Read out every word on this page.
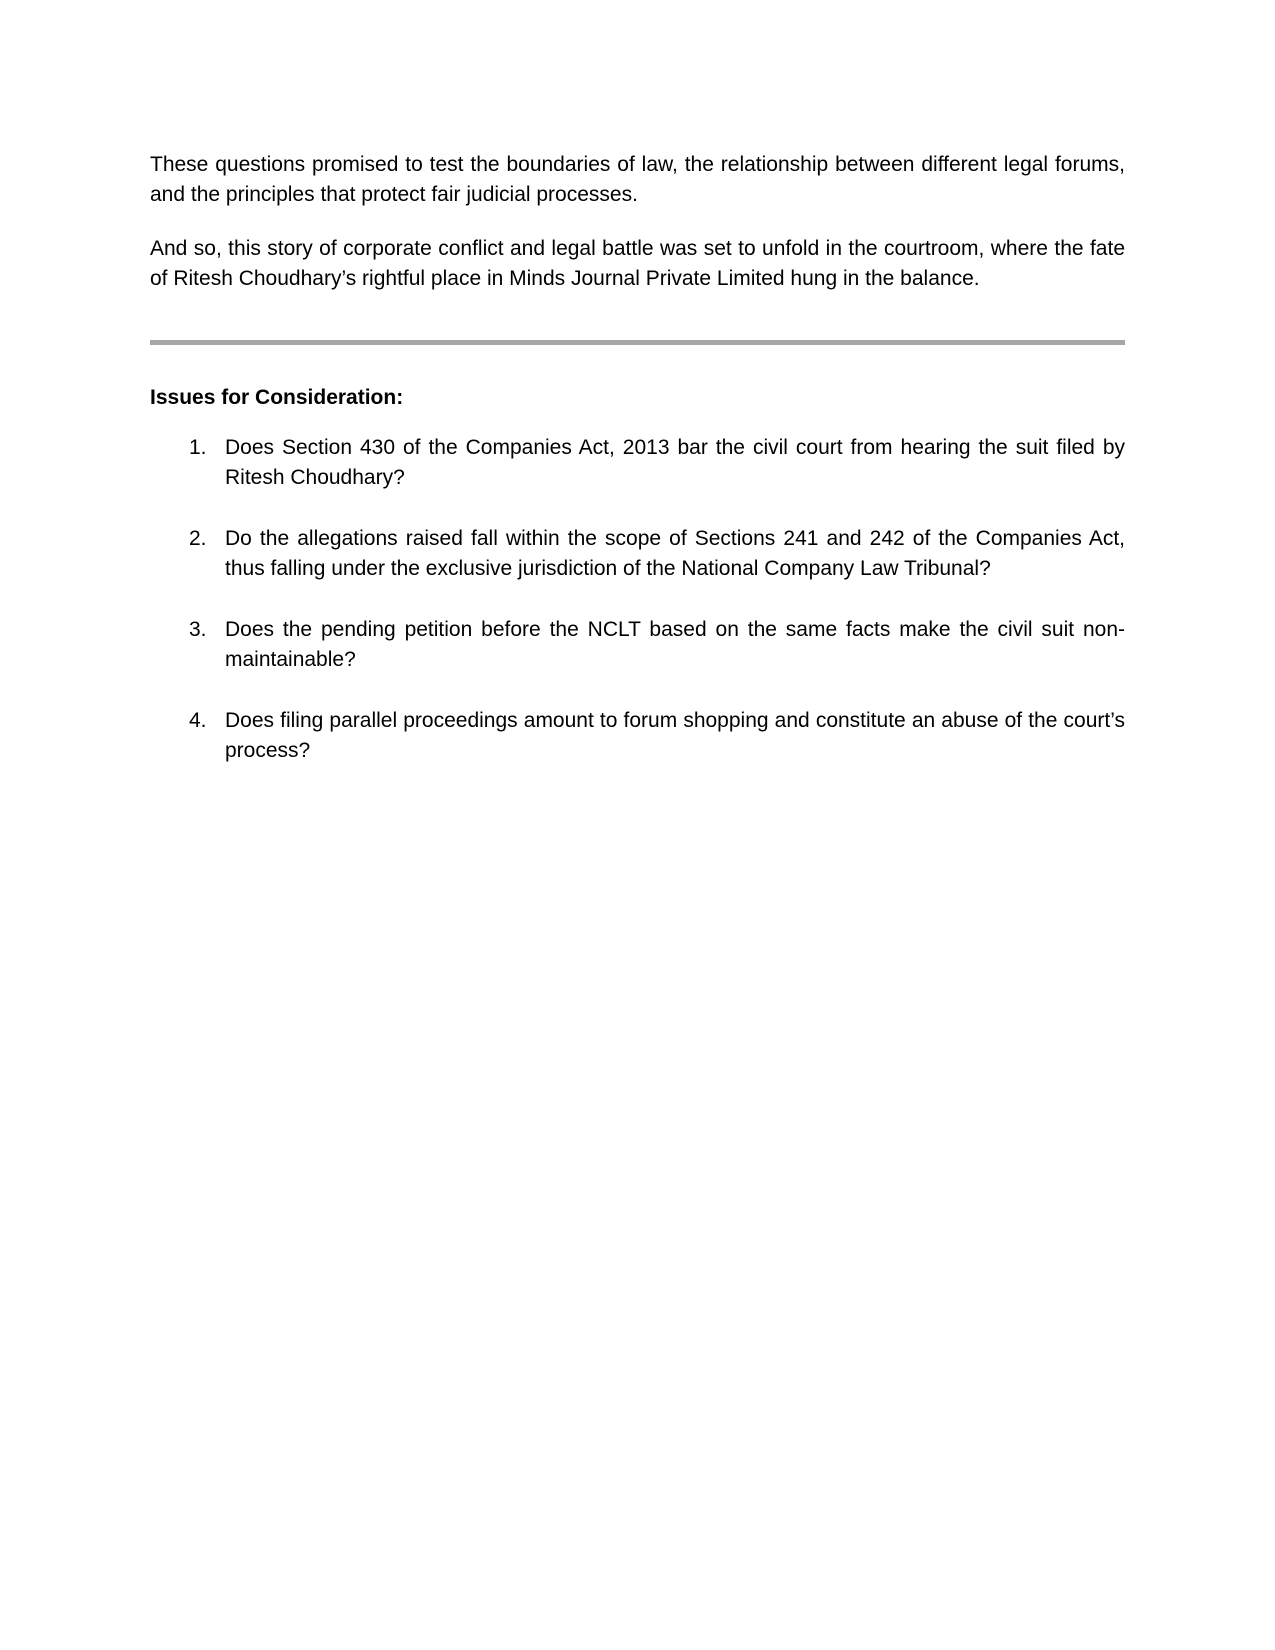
These questions promised to test the boundaries of law, the relationship between different legal forums, and the principles that protect fair judicial processes.

And so, this story of corporate conflict and legal battle was set to unfold in the courtroom, where the fate of Ritesh Choudhary’s rightful place in Minds Journal Private Limited hung in the balance.

Issues for Consideration:
1. Does Section 430 of the Companies Act, 2013 bar the civil court from hearing the suit filed by Ritesh Choudhary?
2. Do the allegations raised fall within the scope of Sections 241 and 242 of the Companies Act, thus falling under the exclusive jurisdiction of the National Company Law Tribunal?
3. Does the pending petition before the NCLT based on the same facts make the civil suit non-maintainable?
4. Does filing parallel proceedings amount to forum shopping and constitute an abuse of the court’s process?
